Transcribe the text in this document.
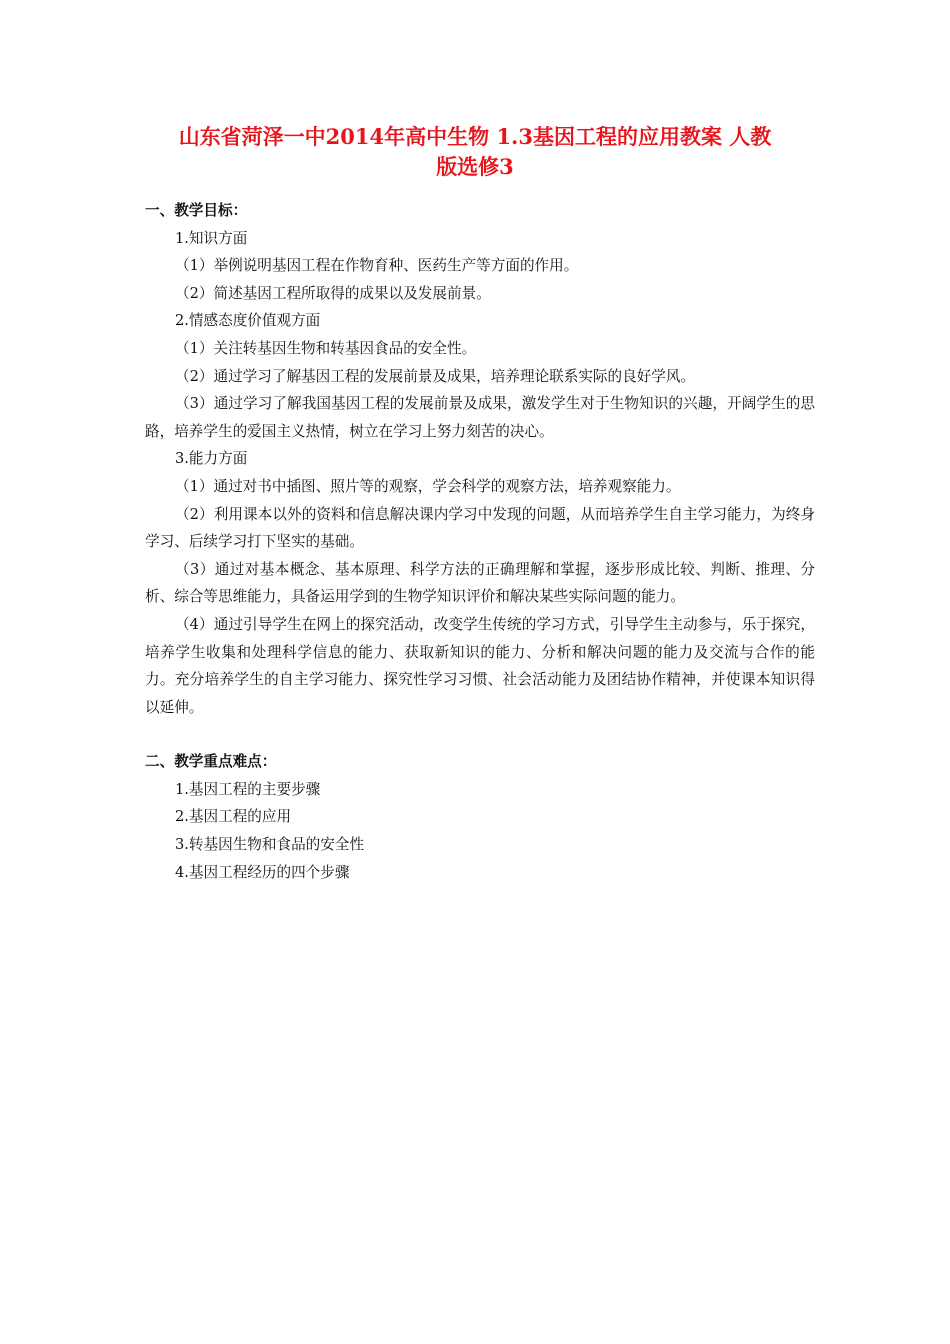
山东省菏泽一中2014年高中生物 1.3基因工程的应用教案 人教
版选修3

一、教学目标：

1.知识方面

（1）举例说明基因工程在作物育种、医药生产等方面的作用。

（2）简述基因工程所取得的成果以及发展前景。

2.情感态度价值观方面

（1）关注转基因生物和转基因食品的安全性。

（2）通过学习了解基因工程的发展前景及成果，培养理论联系实际的良好学风。

（3）通过学习了解我国基因工程的发展前景及成果，激发学生对于生物知识的兴趣，开阔学生的思路，培养学生的爱国主义热情，树立在学习上努力刻苦的决心。

3.能力方面

（1）通过对书中插图、照片等的观察，学会科学的观察方法，培养观察能力。

（2）利用课本以外的资料和信息解决课内学习中发现的问题，从而培养学生自主学习能力，为终身学习、后续学习打下坚实的基础。

（3）通过对基本概念、基本原理、科学方法的正确理解和掌握，逐步形成比较、判断、推理、分析、综合等思维能力，具备运用学到的生物学知识评价和解决某些实际问题的能力。

（4）通过引导学生在网上的探究活动，改变学生传统的学习方式，引导学生主动参与，乐于探究，培养学生收集和处理科学信息的能力、获取新知识的能力、分析和解决问题的能力及交流与合作的能力。充分培养学生的自主学习能力、探究性学习习惯、社会活动能力及团结协作精神，并使课本知识得以延伸。

二、教学重点难点：

1.基因工程的主要步骤

2.基因工程的应用

3.转基因生物和食品的安全性

4.基因工程经历的四个步骤
